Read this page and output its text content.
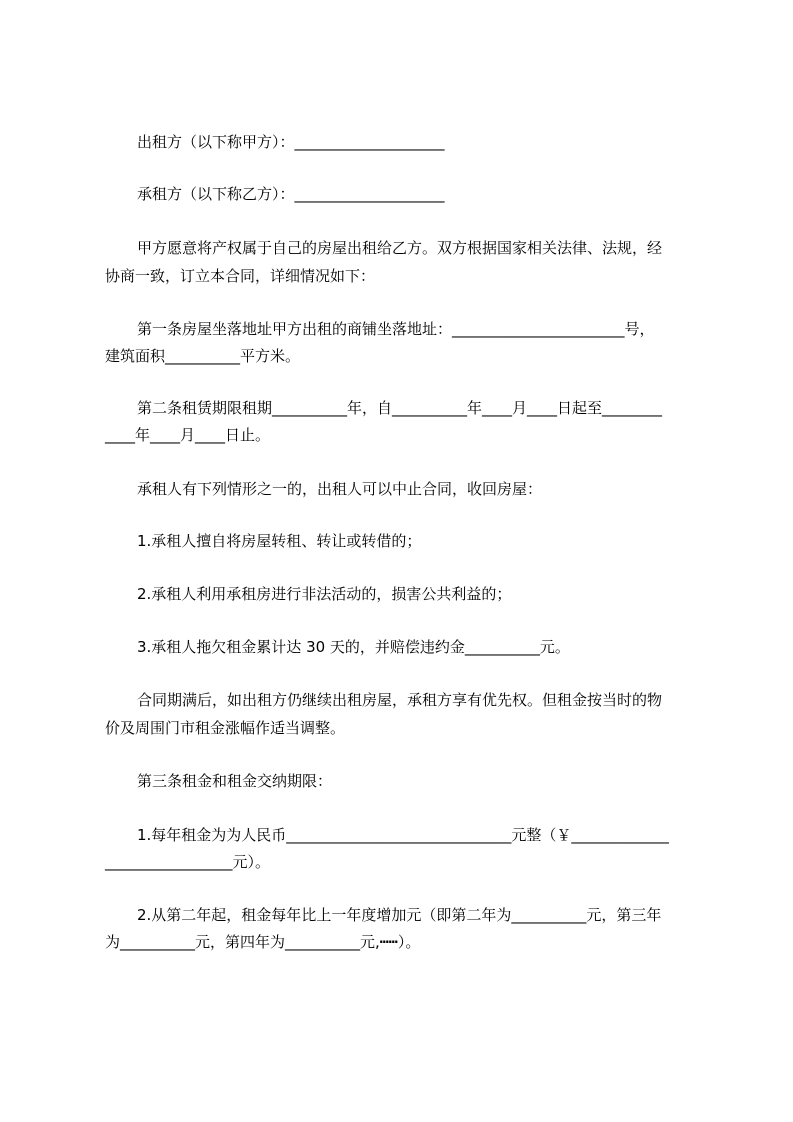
出租方（以下称甲方）：____________________
承租方（以下称乙方）：____________________
甲方愿意将产权属于自己的房屋出租给乙方。双方根据国家相关法律、法规，经
协商一致，订立本合同，详细情况如下：
第一条房屋坐落地址甲方出租的商铺坐落地址：_______________________号，
建筑面积__________平方米。
第二条租赁期限租期__________年，自__________年____月____日起至________
____年____月____日止。
承租人有下列情形之一的，出租人可以中止合同，收回房屋：
1.承租人擅自将房屋转租、转让或转借的；
2.承租人利用承租房进行非法活动的，损害公共利益的；
3.承租人拖欠租金累计达 30 天的，并赔偿违约金__________元。
合同期满后，如出租方仍继续出租房屋，承租方享有优先权。但租金按当时的物
价及周围门市租金涨幅作适当调整。
第三条租金和租金交纳期限：
1.每年租金为为人民币______________________________元整（￥_____________
_________________元）。
2.从第二年起，租金每年比上一年度增加元（即第二年为__________元，第三年
为__________元，第四年为__________元,┅┅）。
